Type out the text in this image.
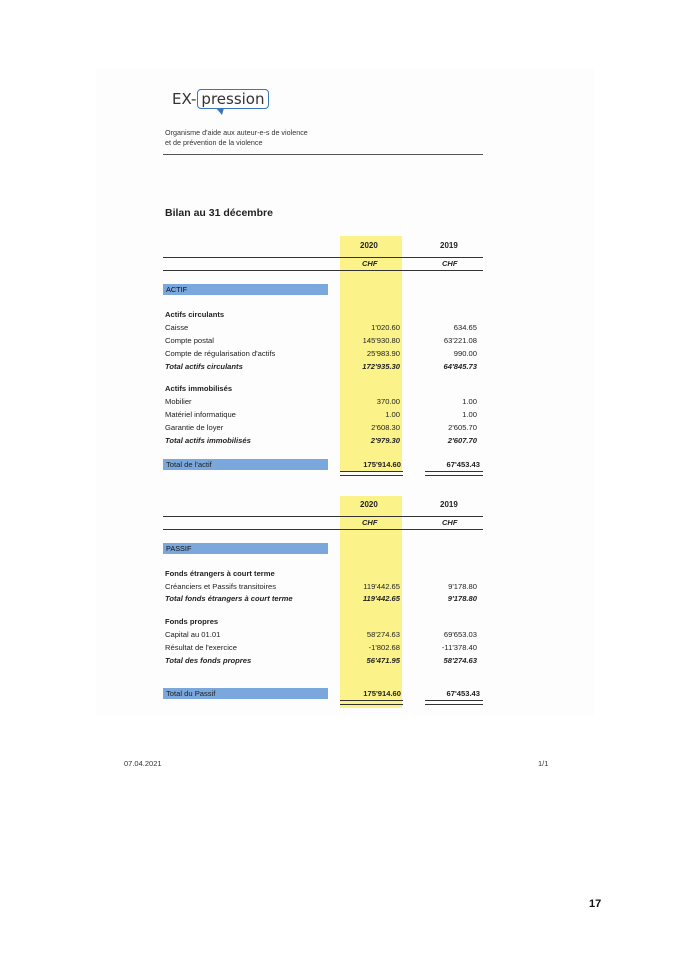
EX- pression
Organisme d'aide aux auteur-e-s de violence
et de prévention de la violence
Bilan au 31 décembre
2020	2019
CHF	CHF
ACTIF
Actifs circulants
Caisse	1'020.60	634.65
Compte postal	145'930.80	63'221.08
Compte de régularisation d'actifs	25'983.90	990.00
Total actifs circulants	172'935.30	64'845.73
Actifs immobilisés
Mobilier	370.00	1.00
Matériel informatique	1.00	1.00
Garantie de loyer	2'608.30	2'605.70
Total actifs immobilisés	2'979.30	2'607.70
Total de l'actif	175'914.60	67'453.43
2020	2019
CHF	CHF
PASSIF
Fonds étrangers à court terme
Créanciers et Passifs transitoires	119'442.65	9'178.80
Total fonds étrangers à court terme	119'442.65	9'178.80
Fonds propres
Capital au 01.01	58'274.63	69'653.03
Résultat de l'exercice	-1'802.68	-11'378.40
Total des fonds propres	56'471.95	58'274.63
Total du Passif	175'914.60	67'453.43
07.04.2021	1/1
17
